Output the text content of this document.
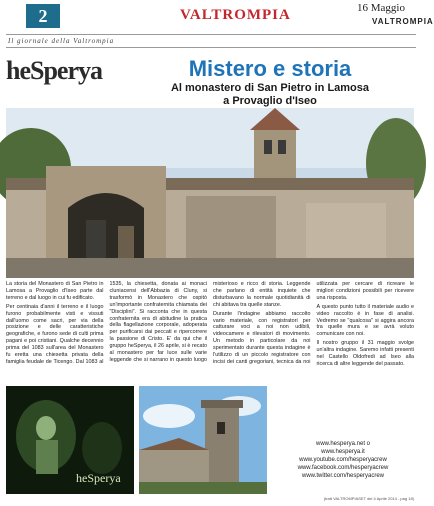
2	VALTROMPIA	16 Maggio
VALTROMPIA
Il giornale della Valtrompia
heSperya	Mistero e storia
Al monastero di San Pietro in Lamosa
a Provaglio d'Iseo

La storia del Monastero di San Pietro in Lamosa a Provaglio d'Iseo parte dal terreno e dal luogo in cui fu edificato.

Per centinaia d'anni il terreno e il luogo furono probabilmente visti e vissuti dall'uomo come sacri, per via della posizione e delle caratteristiche geografiche, e furono sede di culti prima pagani e poi cristiani. Qualche decennio prima del 1083 sull'area del Monastero fu eretta una chiesetta privata della famiglia feudale de Ticengo. Dal 1083 al 1535, la chiesetta, donata ai monaci cluniacensi dell'Abbazia di Cluny, si trasformò in Monastero che ospitò un'importante confraternita chiamata dei "Disciplini". Si racconta che in questa confraternita era di abitudine la pratica della flagellazione corporale, adoperata per purificarsi dai peccati e ripercorrere la passione di Cristo. E' da qui che il gruppo heSperya, il 26 aprile, si è recato al monastero per far luce sulle varie leggende che si narrano in questo luogo misterioso e ricco di storia. Leggende che parlano di entità inquiete che disturbavano la normale quotidianità di chi abitava tra quelle stanze.

Durante l'indagine abbiamo raccolto vario materiale, con registratori per catturare voci a noi non udibili, videocamere e rilevatori di movimento. Un metodo in particolare da noi sperimentato durante questa indagine è l'utilizzo di un piccolo registratore con incisi dei canti gregoriani, tecnica da noi utilizzata per cercare di ricreare le migliori condizioni possibili per ricevere una risposta.

A questo punto tutto il materiale audio e video raccolto è in fase di analisi. Vedremo se "qualcosa" si aggira ancora tra quelle mura e se avrà voluto comunicare con noi.

Il nostro gruppo il 31 maggio svolge un'altra indagine. Saremo infatti presenti nel Castello Oldofredi ad Iseo alla ricerca di altre leggende del passato.

heSperya
www.hesperya.net o
www.hesperya.it
www.youtube.com/hesperyacrew
www.facebook.com/hesperyacrew
www.twitter.com/hesperyacrew
(tratt VALTROMPIASET del 4 Aprile 2014 - pag 18)
